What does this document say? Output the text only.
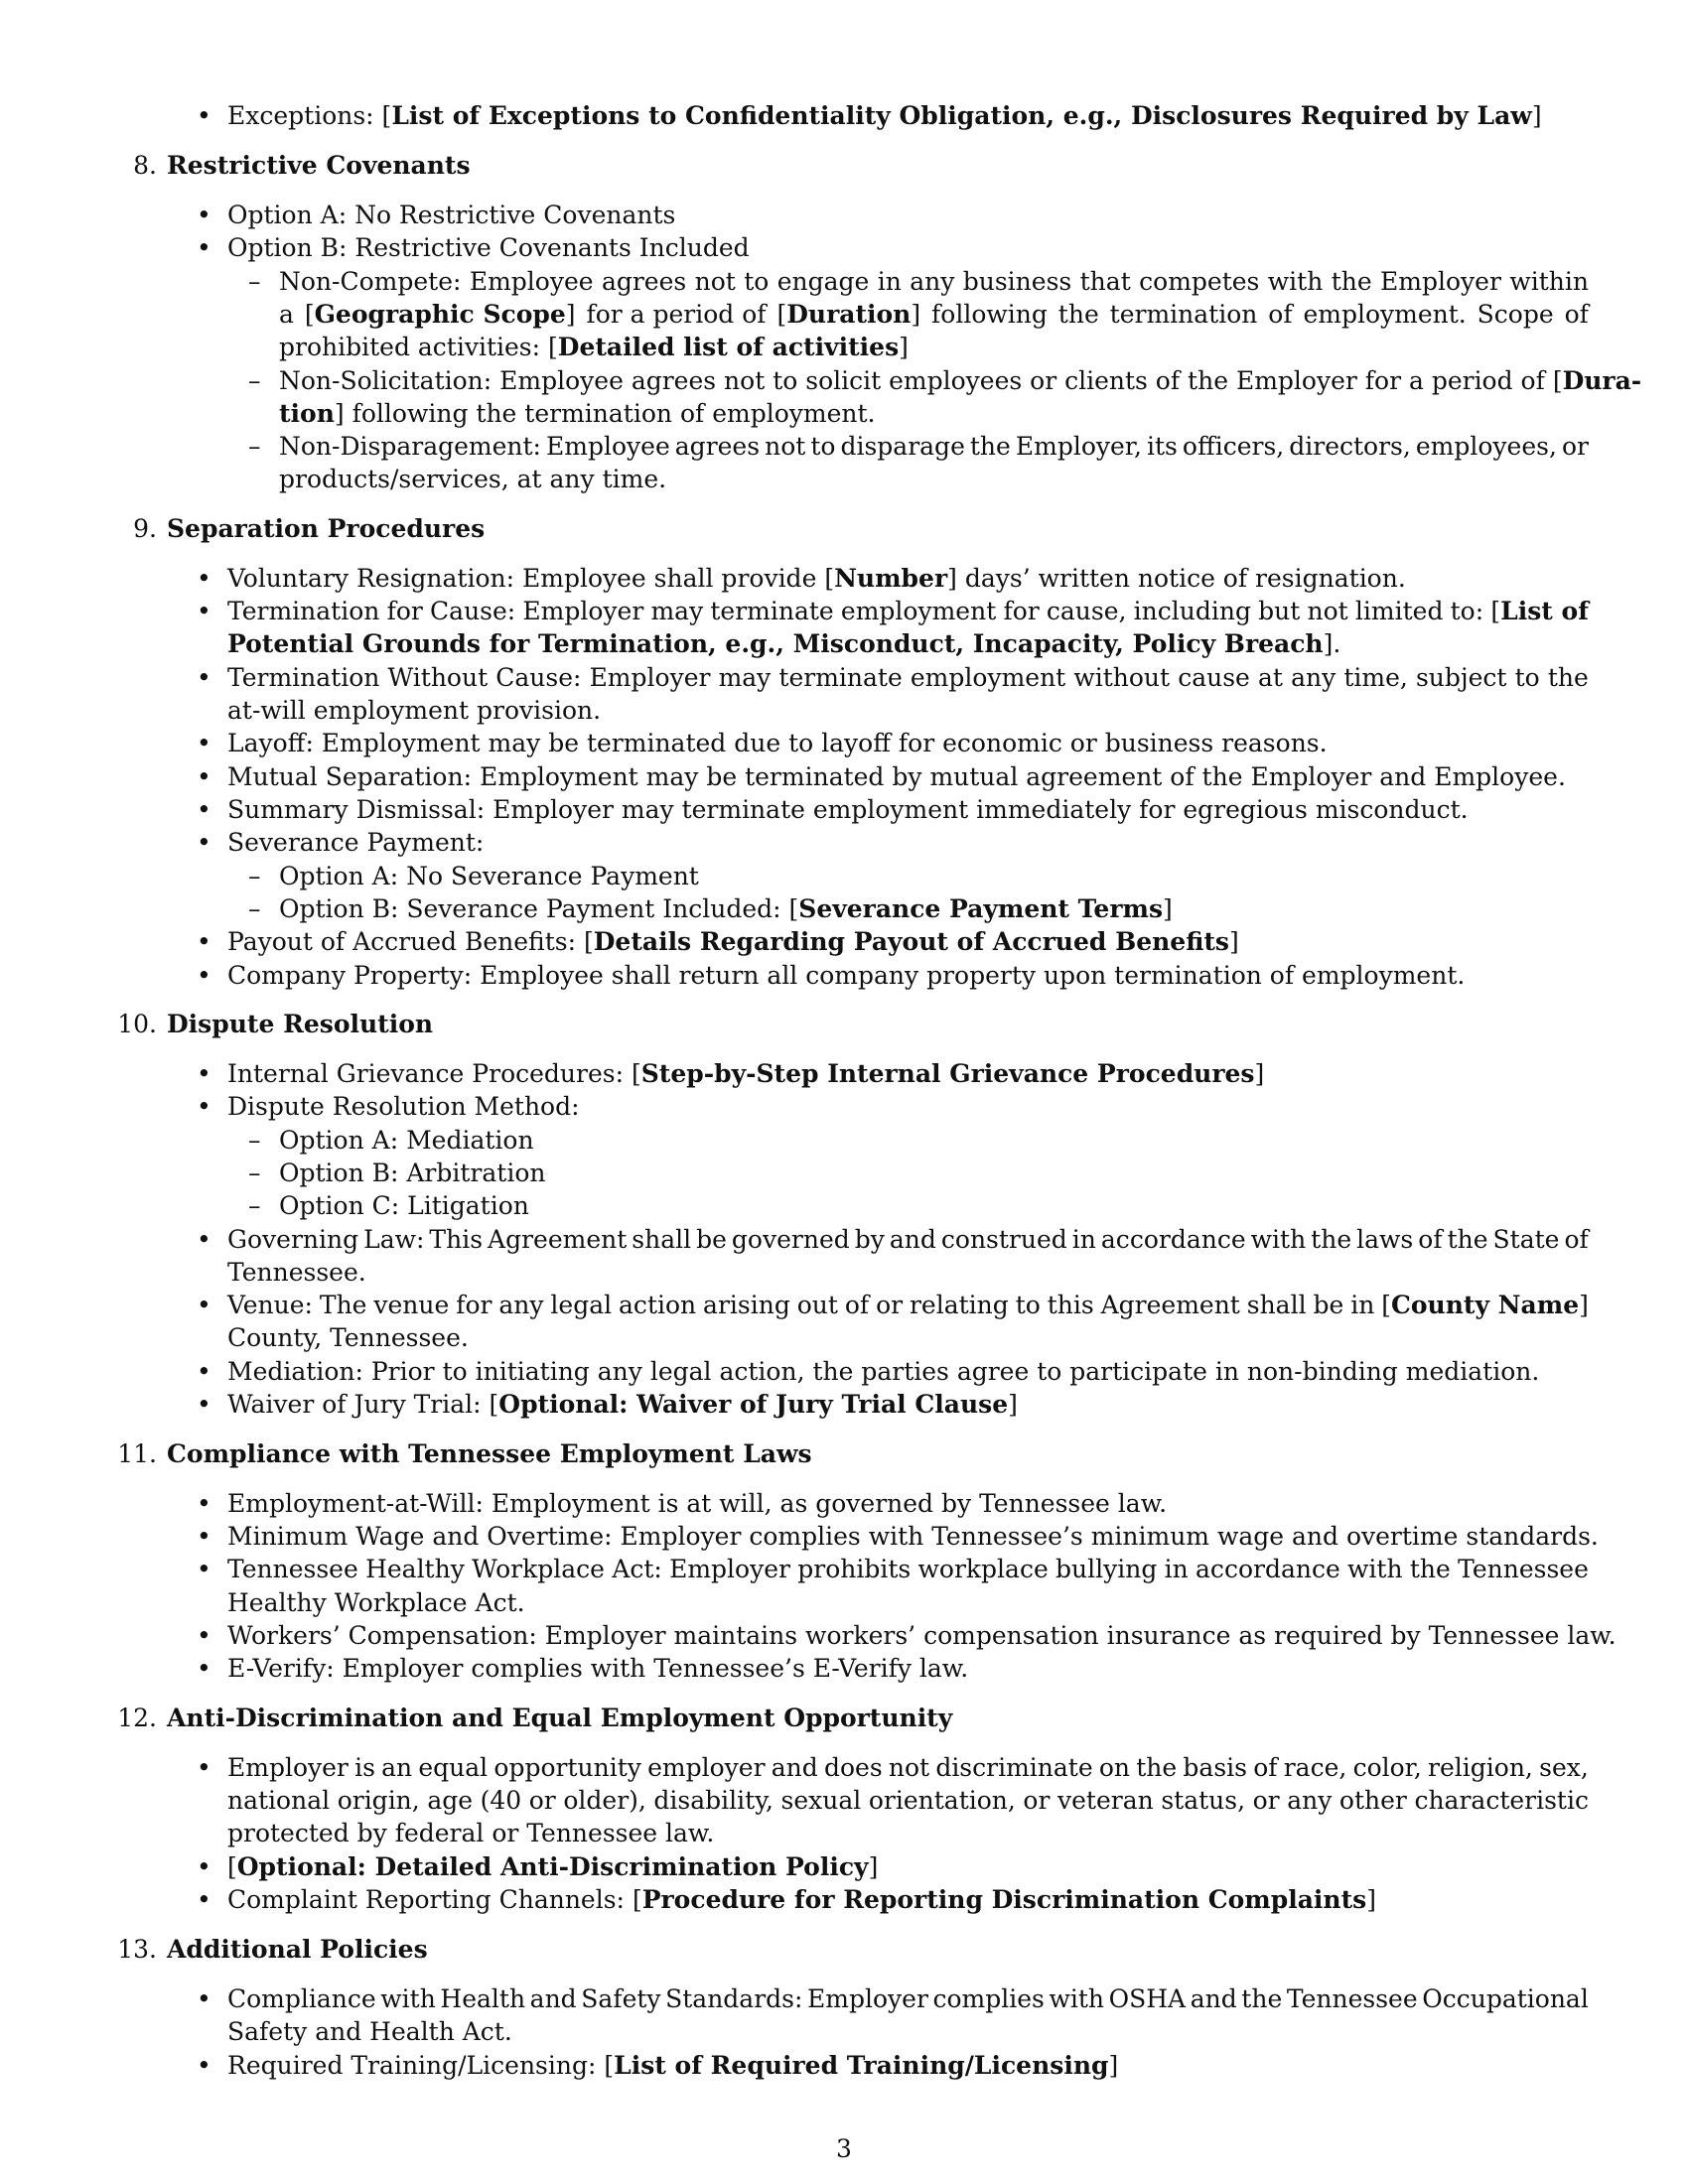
• Exceptions: [List of Exceptions to Confidentiality Obligation, e.g., Disclosures Required by Law]
8. Restrictive Covenants
• Option A: No Restrictive Covenants
• Option B: Restrictive Covenants Included
– Non-Compete: Employee agrees not to engage in any business that competes with the Employer within
a [Geographic Scope] for a period of [Duration] following the termination of employment. Scope of
prohibited activities: [Detailed list of activities]
– Non-Solicitation: Employee agrees not to solicit employees or clients of the Employer for a period of [Dura-
tion] following the termination of employment.
– Non-Disparagement: Employee agrees not to disparage the Employer, its officers, directors, employees, or
products/services, at any time.
9. Separation Procedures
• Voluntary Resignation: Employee shall provide [Number] days’ written notice of resignation.
• Termination for Cause: Employer may terminate employment for cause, including but not limited to: [List of
Potential Grounds for Termination, e.g., Misconduct, Incapacity, Policy Breach].
• Termination Without Cause: Employer may terminate employment without cause at any time, subject to the
at-will employment provision.
• Layoff: Employment may be terminated due to layoff for economic or business reasons.
• Mutual Separation: Employment may be terminated by mutual agreement of the Employer and Employee.
• Summary Dismissal: Employer may terminate employment immediately for egregious misconduct.
• Severance Payment:
– Option A: No Severance Payment
– Option B: Severance Payment Included: [Severance Payment Terms]
• Payout of Accrued Benefits: [Details Regarding Payout of Accrued Benefits]
• Company Property: Employee shall return all company property upon termination of employment.
10. Dispute Resolution
• Internal Grievance Procedures: [Step-by-Step Internal Grievance Procedures]
• Dispute Resolution Method:
– Option A: Mediation
– Option B: Arbitration
– Option C: Litigation
• Governing Law: This Agreement shall be governed by and construed in accordance with the laws of the State of
Tennessee.
• Venue: The venue for any legal action arising out of or relating to this Agreement shall be in [County Name]
County, Tennessee.
• Mediation: Prior to initiating any legal action, the parties agree to participate in non-binding mediation.
• Waiver of Jury Trial: [Optional: Waiver of Jury Trial Clause]
11. Compliance with Tennessee Employment Laws
• Employment-at-Will: Employment is at will, as governed by Tennessee law.
• Minimum Wage and Overtime: Employer complies with Tennessee’s minimum wage and overtime standards.
• Tennessee Healthy Workplace Act: Employer prohibits workplace bullying in accordance with the Tennessee
Healthy Workplace Act.
• Workers’ Compensation: Employer maintains workers’ compensation insurance as required by Tennessee law.
• E-Verify: Employer complies with Tennessee’s E-Verify law.
12. Anti-Discrimination and Equal Employment Opportunity
• Employer is an equal opportunity employer and does not discriminate on the basis of race, color, religion, sex,
national origin, age (40 or older), disability, sexual orientation, or veteran status, or any other characteristic
protected by federal or Tennessee law.
• [Optional: Detailed Anti-Discrimination Policy]
• Complaint Reporting Channels: [Procedure for Reporting Discrimination Complaints]
13. Additional Policies
• Compliance with Health and Safety Standards: Employer complies with OSHA and the Tennessee Occupational
Safety and Health Act.
• Required Training/Licensing: [List of Required Training/Licensing]
3
